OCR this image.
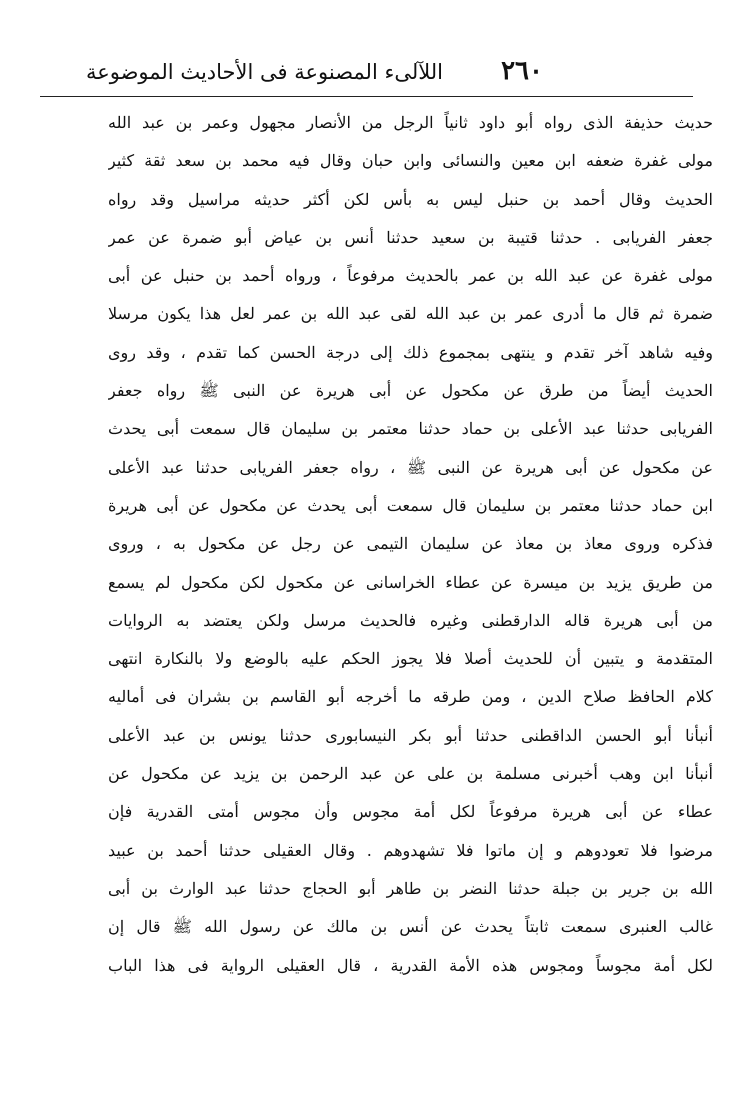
٢٦٠
اللآلىء المصنوعة فى الأحاديث الموضوعة
حديث حذيفة الذى رواه أبو داود ثانياً الرجل من الأنصار مجهول وعمر بن عبد الله
مولى غفرة ضعفه ابن معين والنسائى وابن حبان وقال فيه محمد بن سعد ثقة كثير
الحديث وقال أحمد بن حنبل ليس به بأس لكن أكثر حديثه مراسيل وقد رواه
جعفر الفريابى . حدثنا قتيبة بن سعيد حدثنا أنس بن عياض أبو ضمرة عن عمر
مولى غفرة عن عبد الله بن عمر بالحديث مرفوعاً ، ورواه أحمد بن حنبل عن أبى
ضمرة ثم قال ما أدرى عمر بن عبد الله لقى عبد الله بن عمر لعل هذا يكون مرسلا
وفيه شاهد آخر تقدم و ينتهى بمجموع ذلك إلى درجة الحسن كما تقدم ، وقد روى
الحديث أيضاً من طرق عن مكحول عن أبى هريرة عن النبى ﷺ رواه جعفر
الفريابى حدثنا عبد الأعلى بن حماد حدثنا معتمر بن سليمان قال سمعت أبى يحدث
عن مكحول عن أبى هريرة عن النبى ﷺ ، رواه جعفر الفريابى حدثنا عبد الأعلى
ابن حماد حدثنا معتمر بن سليمان قال سمعت أبى يحدث عن مكحول عن أبى هريرة
فذكره وروى معاذ بن معاذ عن سليمان التيمى عن رجل عن مكحول به ، وروى
من طريق يزيد بن ميسرة عن عطاء الخراسانى عن مكحول لكن مكحول لم يسمع
من أبى هريرة قاله الدارقطنى وغيره فالحديث مرسل ولكن يعتضد به الروايات
المتقدمة و يتبين أن للحديث أصلا فلا يجوز الحكم عليه بالوضع ولا بالنكارة انتهى
كلام الحافظ صلاح الدين ، ومن طرقه ما أخرجه أبو القاسم بن بشران فى أماليه
أنبأنا أبو الحسن الداقطنى حدثنا أبو بكر النيسابورى حدثنا يونس بن عبد الأعلى
أنبأنا ابن وهب أخبرنى مسلمة بن على عن عبد الرحمن بن يزيد عن مكحول عن
عطاء عن أبى هريرة مرفوعاً لكل أمة مجوس وأن مجوس أمتى القدرية فإن
مرضوا فلا تعودوهم و إن ماتوا فلا تشهدوهم . وقال العقيلى حدثنا أحمد بن عبيد
الله بن جرير بن جبلة حدثنا النضر بن طاهر أبو الحجاج حدثنا عبد الوارث بن أبى
غالب العنبرى سمعت ثابتاً يحدث عن أنس بن مالك عن رسول الله ﷺ قال إن
لكل أمة مجوساً ومجوس هذه الأمة القدرية ، قال العقيلى الرواية فى هذا الباب
